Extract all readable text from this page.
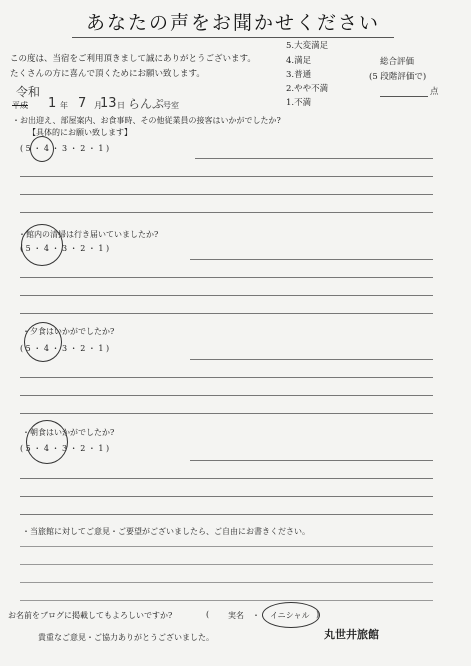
あなたの声をお聞かせください
この度は、当宿をご利用頂きまして誠にありがとうございます。
たくさんの方に喜んで頂くためにお願い致します。
5.大変満足
4.満足
3.普通
2.やや不満
1.不満
総合評価
(5 段階評価で)
点
令和
平成 1 年 7 月
13 日 らんぷ
号室
・お出迎え、部屋案内、お食事時、その他従業員の接客はいかがでしたか?
【具体的にお願い致します】
( 5 ・ 4 ・ 3 ・ 2 ・ 1 )
・館内の清掃は行き届いていましたか?
( 5 ・ 4 ・ 3 ・ 2 ・ 1 )
・夕食はいかがでしたか?
( 5 ・ 4 ・ 3 ・ 2 ・ 1 )
・朝食はいかがでしたか?
( 5 ・ 4 ・ 3 ・ 2 ・ 1 )
・当旅館に対してご意見・ご要望がございましたら、ご自由にお書きください。
お名前をブログに掲載してもよろしいですか?	( 実名 ・ イニシャル )
貴重なご意見・ご協力ありがとうございました。	丸世井旅館
